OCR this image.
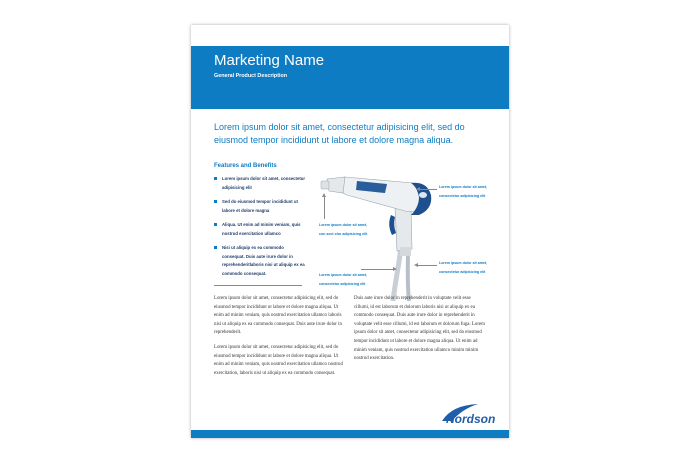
Marketing Name
General Product Description
Lorem ipsum dolor sit amet, consectetur adipisicing elit, sed do eiusmod tempor incididunt ut labore et dolore magna aliqua.
Features and Benefits
Lorem ipsum dolor sit amet, consectetur adipisicing elit
Sed do eiusmod tempor incididunt ut labore et dolore magna
Aliqua. Ut enim ad minim veniam, quis nostrud exercitation ullamco
Nisi ut aliquip ex ea commodo consequat. Duis aute irure dolor in reprehenderitlaboris nisi ut aliquip ex ea commodo consequat.
Lorem ipsum dolor sit amet, consectetur adipisicing elit
Lorem ipsum dolor sit amet, con sect etur adipisicing elit
Lorem ipsum dolor sit amet, consectetur adipisicing elit
Lorem ipsum dolor sit amet, consectetur adipisicing elit

Lorem ipsum dolor sit amet, consectetur adipisicing elit, sed do eiusmod tempor incididunt ut labore et dolore magna aliqua. Ut enim ad minim veniam, quis nostrud exercitation ullamco laboris nisi ut aliquip ex ea commodo consequat. Duis aute irure dolor in reprehenderit.

Lorem ipsum dolor sit amet, consectetur adipisicing elit, sed do eiusmod tempor incididunt ut labore et dolore magna aliqua. Ut enim ad minim veniam, quis nostrud exercitation ullamco nostrud exercitation, laboris nisi ut aliquip ex ea commodo consequat.

Duis aute irure dolor in reprehenderit in voluptate velit esse cillumi, id est laborum et dolorum laboris nisi ut aliquip ex ea commodo consequat. Duis aute irure dolor in reprehenderit in voluptate velit esse cillumi, id est laborum et dolorum fuga. Lorem ipsum dolor sit amet, consectetur adipisicing elit, sed do eiusmod tempor incididunt ut labore et dolore magna aliqua. Ut enim ad minim veniam, quis nostrud exercitation ullamco minim minim nostrud exercitation.

Nordson
